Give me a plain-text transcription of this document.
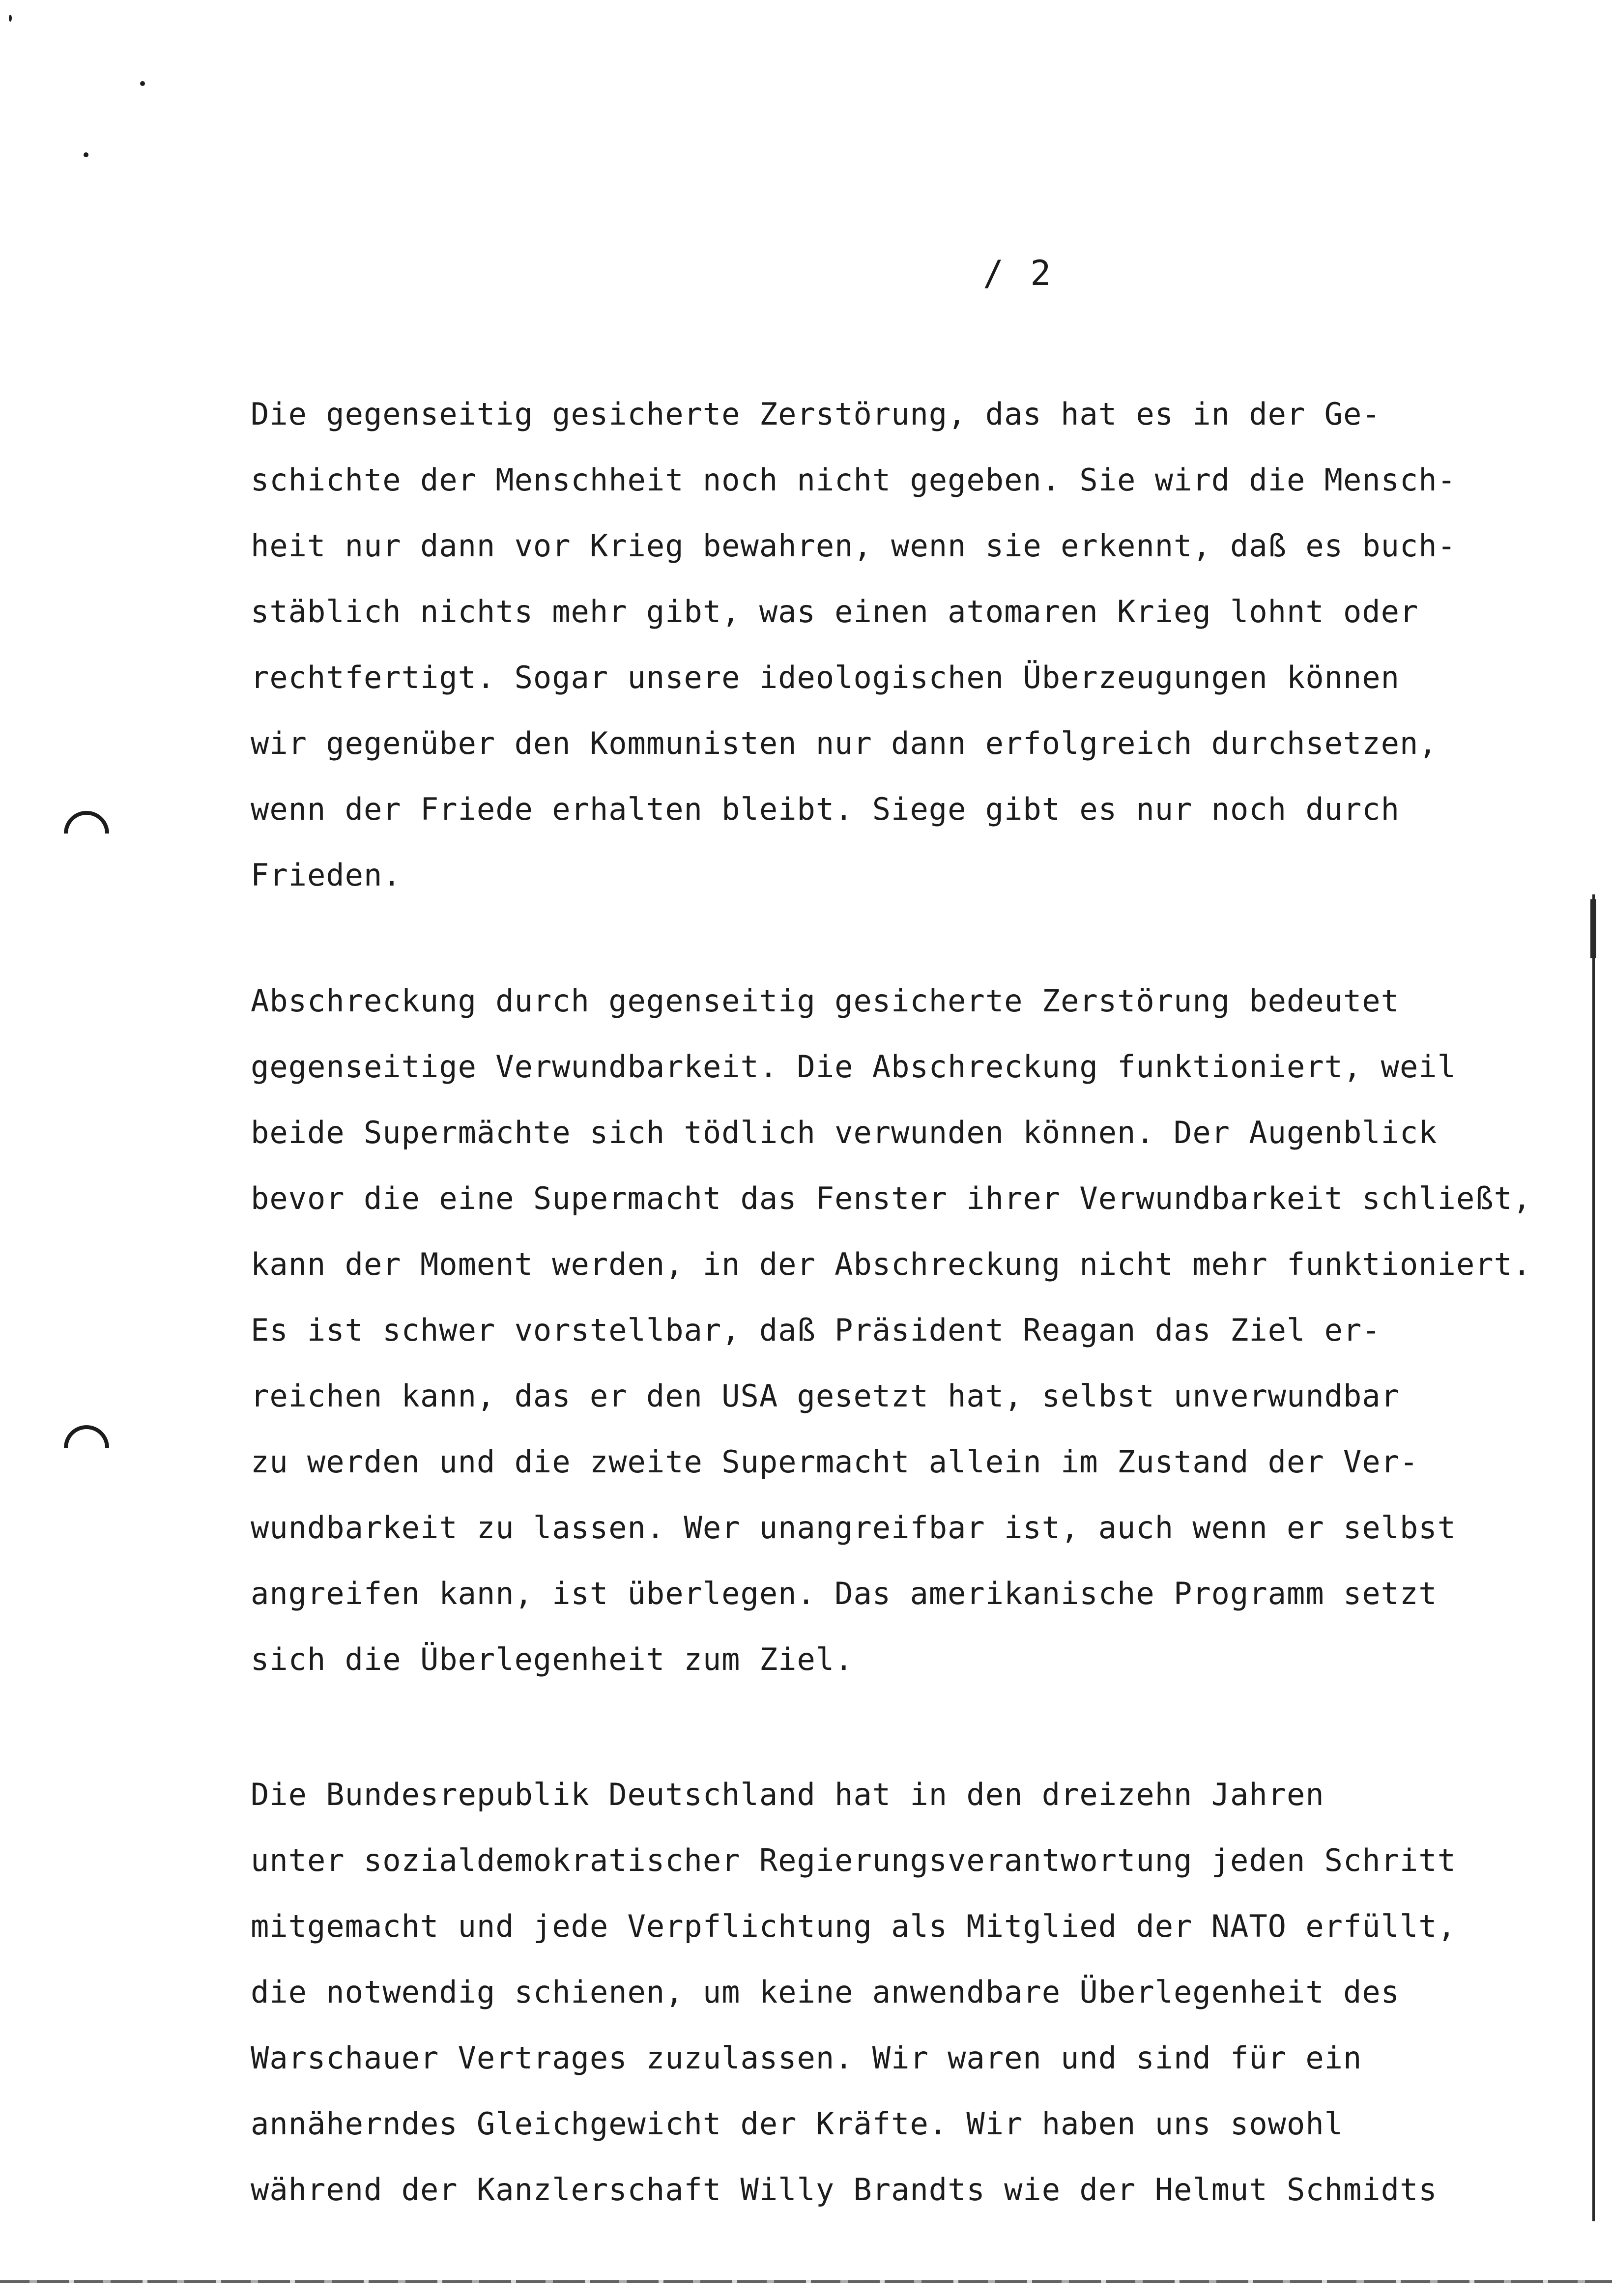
/ 2
Die gegenseitig gesicherte Zerstörung, das hat es in der Ge-
schichte der Menschheit noch nicht gegeben. Sie wird die Mensch-
heit nur dann vor Krieg bewahren, wenn sie erkennt, daß es buch-
stäblich nichts mehr gibt, was einen atomaren Krieg lohnt oder
rechtfertigt. Sogar unsere ideologischen Überzeugungen können
wir gegenüber den Kommunisten nur dann erfolgreich durchsetzen,
wenn der Friede erhalten bleibt. Siege gibt es nur noch durch
Frieden.
Abschreckung durch gegenseitig gesicherte Zerstörung bedeutet
gegenseitige Verwundbarkeit. Die Abschreckung funktioniert, weil
beide Supermächte sich tödlich verwunden können. Der Augenblick
bevor die eine Supermacht das Fenster ihrer Verwundbarkeit schließt,
kann der Moment werden, in der Abschreckung nicht mehr funktioniert.
Es ist schwer vorstellbar, daß Präsident Reagan das Ziel er-
reichen kann, das er den USA gesetzt hat, selbst unverwundbar
zu werden und die zweite Supermacht allein im Zustand der Ver-
wundbarkeit zu lassen. Wer unangreifbar ist, auch wenn er selbst
angreifen kann, ist überlegen. Das amerikanische Programm setzt
sich die Überlegenheit zum Ziel.
Die Bundesrepublik Deutschland hat in den dreizehn Jahren
unter sozialdemokratischer Regierungsverantwortung jeden Schritt
mitgemacht und jede Verpflichtung als Mitglied der NATO erfüllt,
die notwendig schienen, um keine anwendbare Überlegenheit des
Warschauer Vertrages zuzulassen. Wir waren und sind für ein
annäherndes Gleichgewicht der Kräfte. Wir haben uns sowohl
während der Kanzlerschaft Willy Brandts wie der Helmut Schmidts
